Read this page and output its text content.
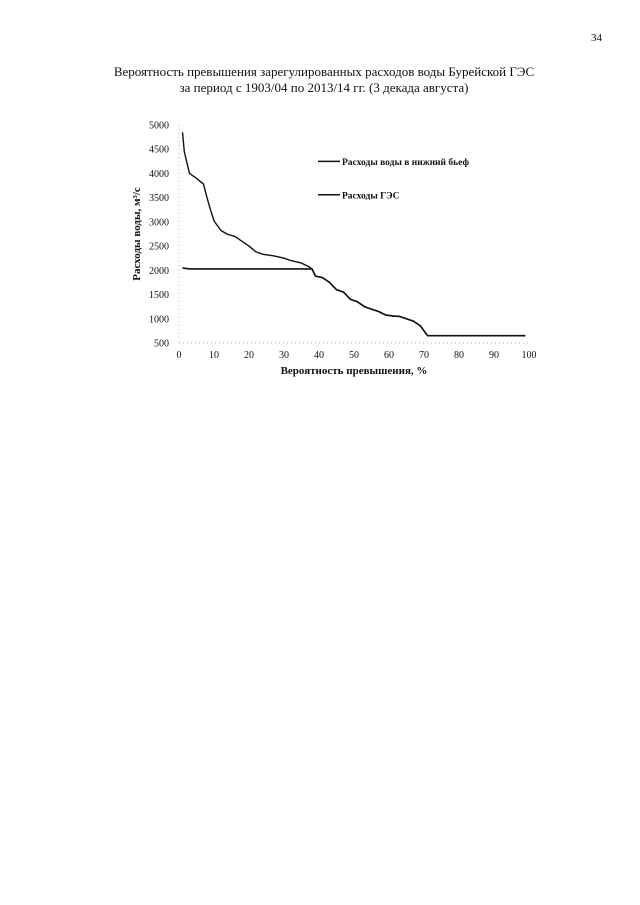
34
Вероятность превышения зарегулированных расходов воды Бурейской ГЭС
за период с 1903/04 по 2013/14 гг. (3 декада августа)
500
1000
1500
2000
2500
3000
3500
4000
4500
5000
0	10	20	30	40	50	60	70	80	90 100
Вероятность превышения, %
Расходы воды, м³/с
Расходы воды в нижний бьеф
Расходы ГЭС
